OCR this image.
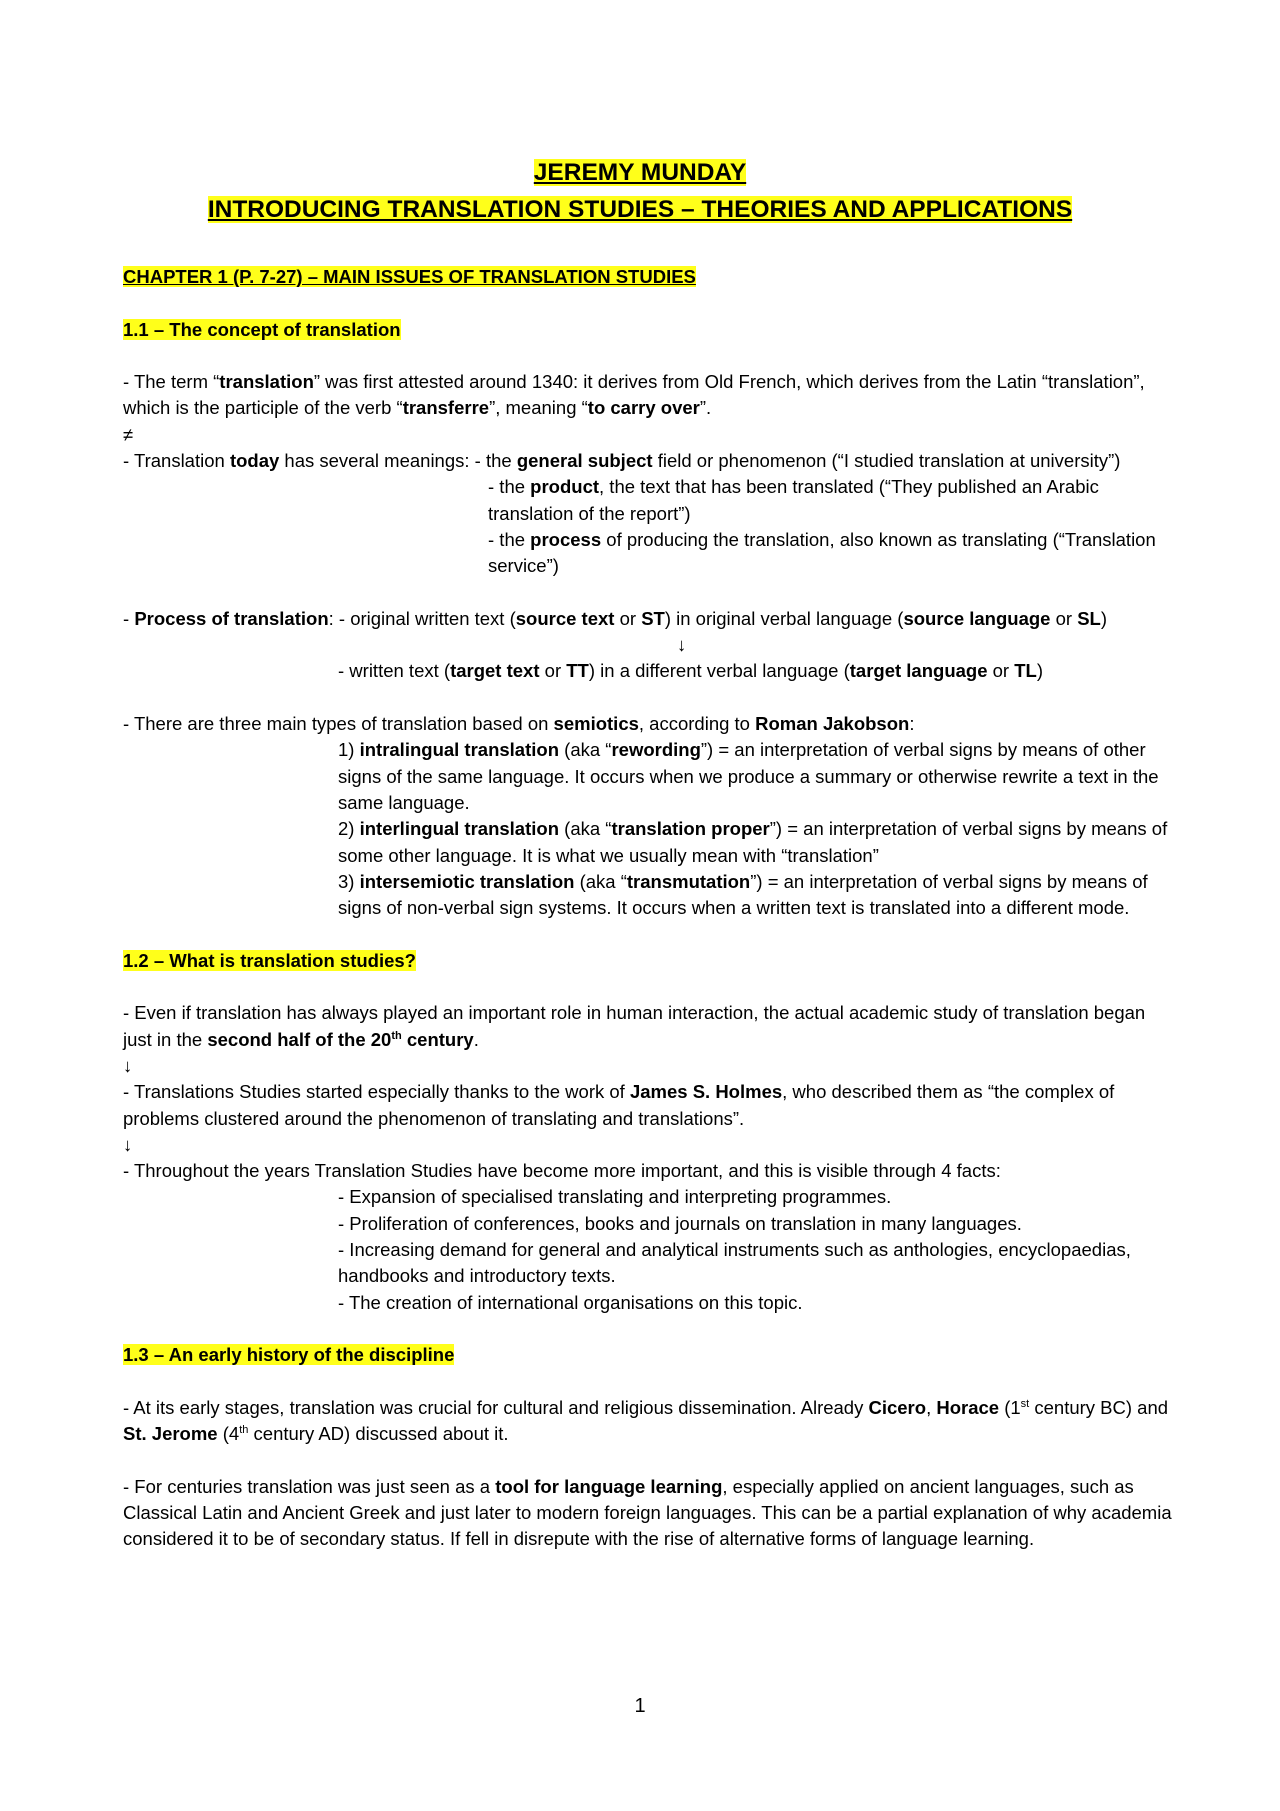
JEREMY MUNDAY
INTRODUCING TRANSLATION STUDIES – THEORIES AND APPLICATIONS

CHAPTER 1 (P. 7-27) – MAIN ISSUES OF TRANSLATION STUDIES

1.1 – The concept of translation

- The term “translation” was first attested around 1340: it derives from Old French, which derives from the Latin “translation”, which is the participle of the verb “transferre”, meaning “to carry over”.

≠

- Translation today has several meanings: - the general subject field or phenomenon (“I studied translation at university”)

- the product, the text that has been translated (“They published an Arabic translation of the report”)

- the process of producing the translation, also known as translating (“Translation service”)

- Process of translation: - original written text (source text or ST) in original verbal language (source language or SL)

↓

- written text (target text or TT) in a different verbal language (target language or TL)

- There are three main types of translation based on semiotics, according to Roman Jakobson:

1) intralingual translation (aka “rewording”) = an interpretation of verbal signs by means of other signs of the same language. It occurs when we produce a summary or otherwise rewrite a text in the same language.

2) interlingual translation (aka “translation proper”) = an interpretation of verbal signs by means of some other language. It is what we usually mean with “translation”

3) intersemiotic translation (aka “transmutation”) = an interpretation of verbal signs by means of signs of non-verbal sign systems. It occurs when a written text is translated into a different mode.

1.2 – What is translation studies?

- Even if translation has always played an important role in human interaction, the actual academic study of translation began just in the second half of the 20th century.

↓

- Translations Studies started especially thanks to the work of James S. Holmes, who described them as “the complex of problems clustered around the phenomenon of translating and translations”.

↓

- Throughout the years Translation Studies have become more important, and this is visible through 4 facts:

- Expansion of specialised translating and interpreting programmes.

- Proliferation of conferences, books and journals on translation in many languages.

- Increasing demand for general and analytical instruments such as anthologies, encyclopaedias, handbooks and introductory texts.

- The creation of international organisations on this topic.

1.3 – An early history of the discipline

- At its early stages, translation was crucial for cultural and religious dissemination. Already Cicero, Horace (1st century BC) and St. Jerome (4th century AD) discussed about it.

- For centuries translation was just seen as a tool for language learning, especially applied on ancient languages, such as Classical Latin and Ancient Greek and just later to modern foreign languages. This can be a partial explanation of why academia considered it to be of secondary status. If fell in disrepute with the rise of alternative forms of language learning.

1
